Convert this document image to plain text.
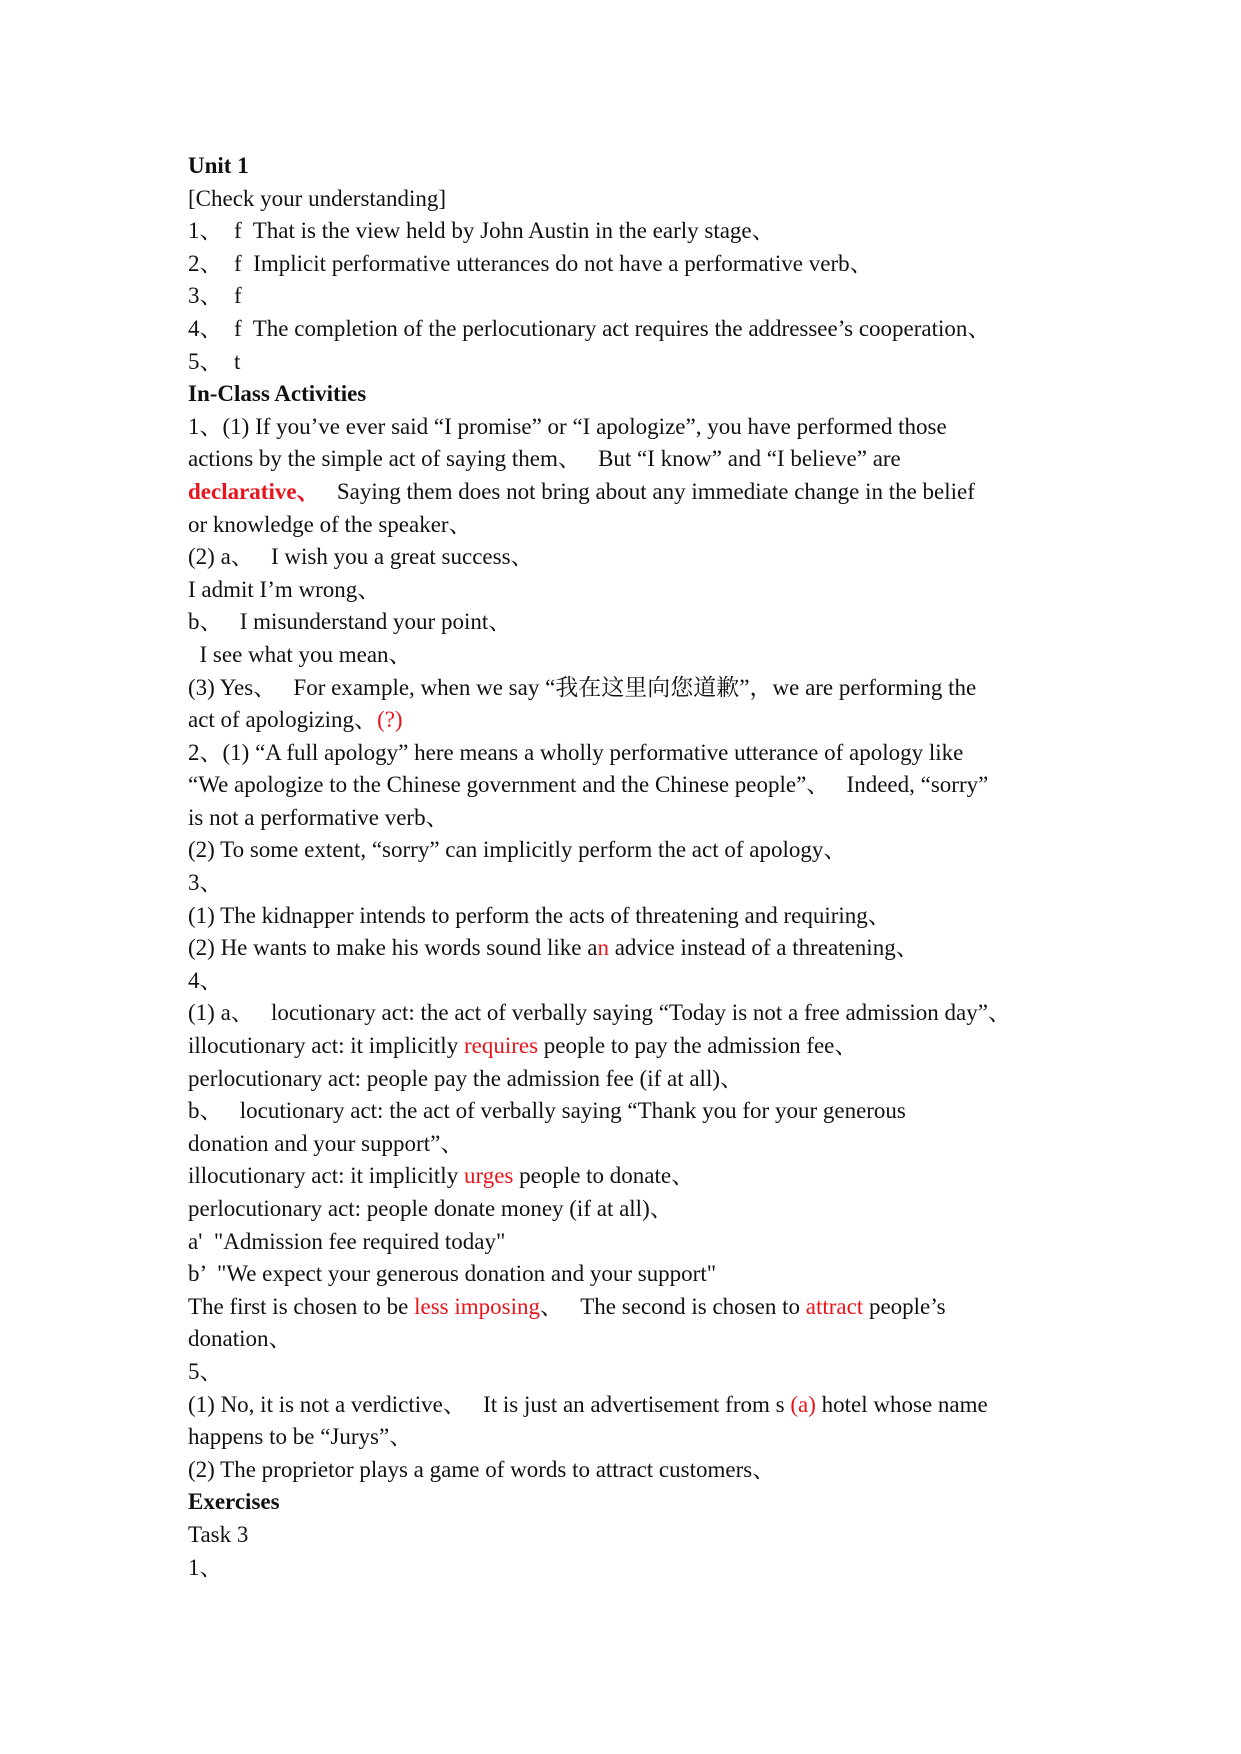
Unit 1
[Check your understanding]
1、  f  That is the view held by John Austin in the early stage、
2、  f  Implicit performative utterances do not have a performative verb、
3、  f
4、  f  The completion of the perlocutionary act requires the addressee’s cooperation、
5、  t
In-Class Activities
1、(1) If you’ve ever said “I promise” or “I apologize”, you have performed those
actions by the simple act of saying them、   But “I know” and “I believe” are
declarative、   Saying them does not bring about any immediate change in the belief
or knowledge of the speaker、
(2) a、   I wish you a great success、
I admit I’m wrong、
b、   I misunderstand your point、
I see what you mean、
(3) Yes、   For example, when we say “我在这里向您道歉”，we are performing the
act of apologizing、(?)
2、(1) “A full apology” here means a wholly performative utterance of apology like
“We apologize to the Chinese government and the Chinese people”、   Indeed, “sorry”
is not a performative verb、
(2) To some extent, “sorry” can implicitly perform the act of apology、
3、
(1) The kidnapper intends to perform the acts of threatening and requiring、
(2) He wants to make his words sound like an advice instead of a threatening、
4、
(1) a、   locutionary act: the act of verbally saying “Today is not a free admission day”、
illocutionary act: it implicitly requires people to pay the admission fee、
perlocutionary act: people pay the admission fee (if at all)、
b、   locutionary act: the act of verbally saying “Thank you for your generous
donation and your support”、
illocutionary act: it implicitly urges people to donate、
perlocutionary act: people donate money (if at all)、
a'  "Admission fee required today"
b’  "We expect your generous donation and your support"
The first is chosen to be less imposing、   The second is chosen to attract people’s
donation、
5、
(1) No, it is not a verdictive、   It is just an advertisement from s (a) hotel whose name
happens to be “Jurys”、
(2) The proprietor plays a game of words to attract customers、
Exercises
Task 3
1、
